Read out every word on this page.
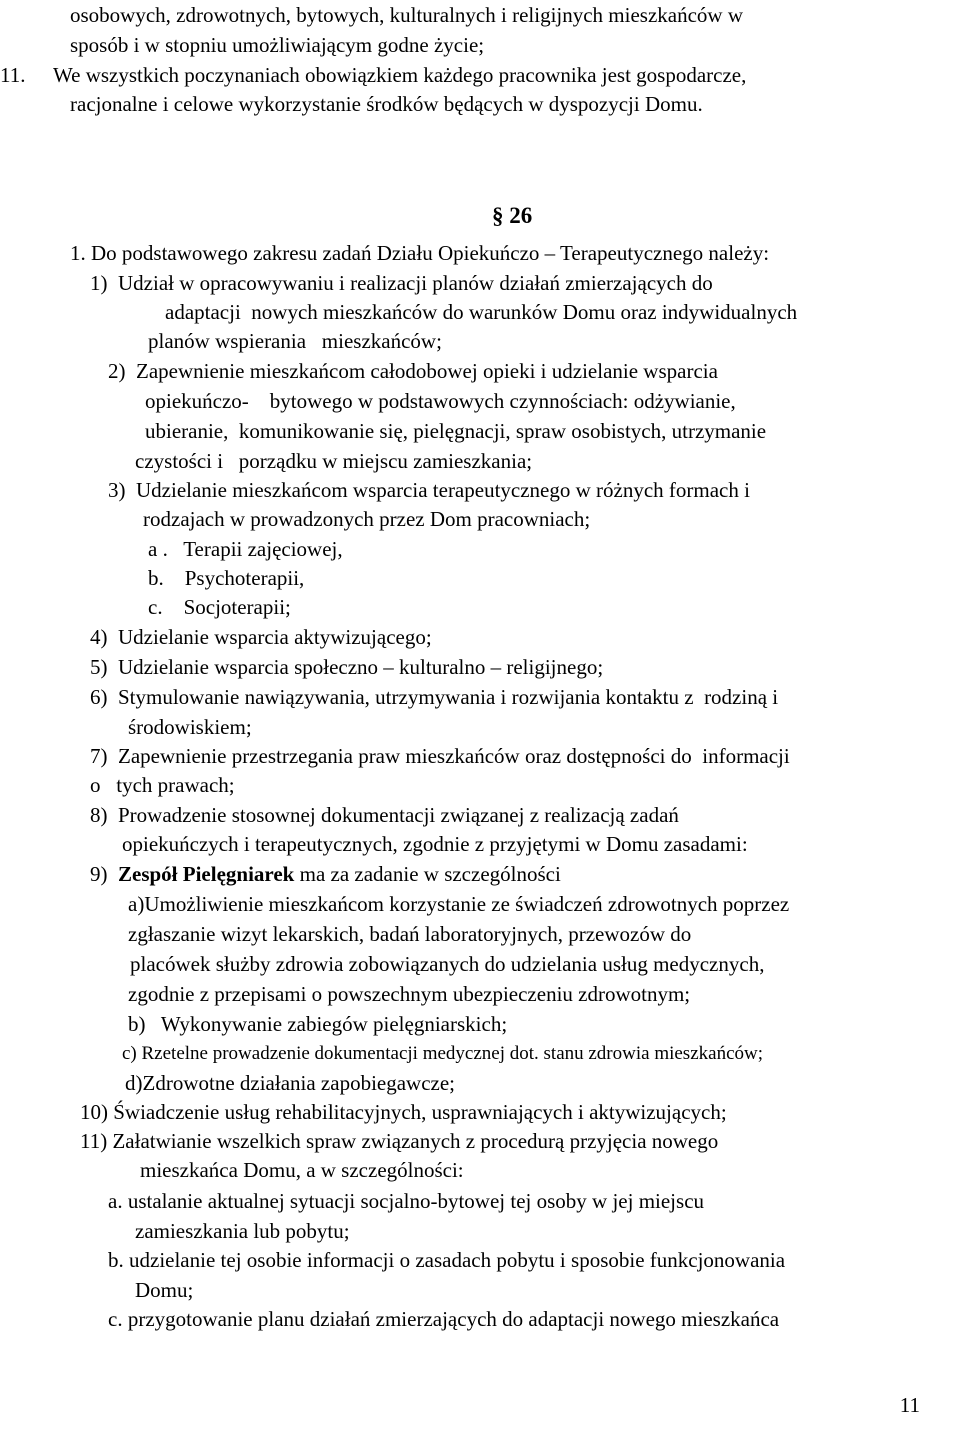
osobowych, zdrowotnych, bytowych, kulturalnych i religijnych mieszkańców w
sposób i w stopniu umożliwiającym godne życie;
11. We wszystkich poczynaniach obowiązkiem każdego pracownika jest gospodarcze,
racjonalne i celowe wykorzystanie środków będących w dyspozycji Domu.
§ 26
1. Do podstawowego zakresu zadań Działu Opiekuńczo – Terapeutycznego należy:
1)  Udział w opracowywaniu i realizacji planów działań zmierzających do
adaptacji  nowych mieszkańców do warunków Domu oraz indywidualnych
planów wspierania   mieszkańców;
2)  Zapewnienie mieszkańcom całodobowej opieki i udzielanie wsparcia
opiekuńczo-    bytowego w podstawowych czynnościach: odżywianie,
ubieranie,  komunikowanie się, pielęgnacji, spraw osobistych, utrzymanie
czystości i   porządku w miejscu zamieszkania;
3)  Udzielanie mieszkańcom wsparcia terapeutycznego w różnych formach i
rodzajach w prowadzonych przez Dom pracowniach;
a .   Terapii zajęciowej,
b.    Psychoterapii,
c.    Socjoterapii;
4)  Udzielanie wsparcia aktywizującego;
5)  Udzielanie wsparcia społeczno – kulturalno – religijnego;
6)  Stymulowanie nawiązywania, utrzymywania i rozwijania kontaktu z  rodziną i
środowiskiem;
7)  Zapewnienie przestrzegania praw mieszkańców oraz dostępności do  informacji
o   tych prawach;
8)  Prowadzenie stosownej dokumentacji związanej z realizacją zadań
opiekuńczych i terapeutycznych, zgodnie z przyjętymi w Domu zasadami:
9)  Zespół Pielęgniarek ma za zadanie w szczególności
a)Umożliwienie mieszkańcom korzystanie ze świadczeń zdrowotnych poprzez
zgłaszanie wizyt lekarskich, badań laboratoryjnych, przewozów do
placówek służby zdrowia zobowiązanych do udzielania usług medycznych,
zgodnie z przepisami o powszechnym ubezpieczeniu zdrowotnym;
b)   Wykonywanie zabiegów pielęgniarskich;
c) Rzetelne prowadzenie dokumentacji medycznej dot. stanu zdrowia mieszkańców;
d)Zdrowotne działania zapobiegawcze;
10) Świadczenie usług rehabilitacyjnych, usprawniających i aktywizujących;
11) Załatwianie wszelkich spraw związanych z procedurą przyjęcia nowego
mieszkańca Domu, a w szczególności:
a. ustalanie aktualnej sytuacji socjalno-bytowej tej osoby w jej miejscu
zamieszkania lub pobytu;
b. udzielanie tej osobie informacji o zasadach pobytu i sposobie funkcjonowania
Domu;
c. przygotowanie planu działań zmierzających do adaptacji nowego mieszkańca
11
